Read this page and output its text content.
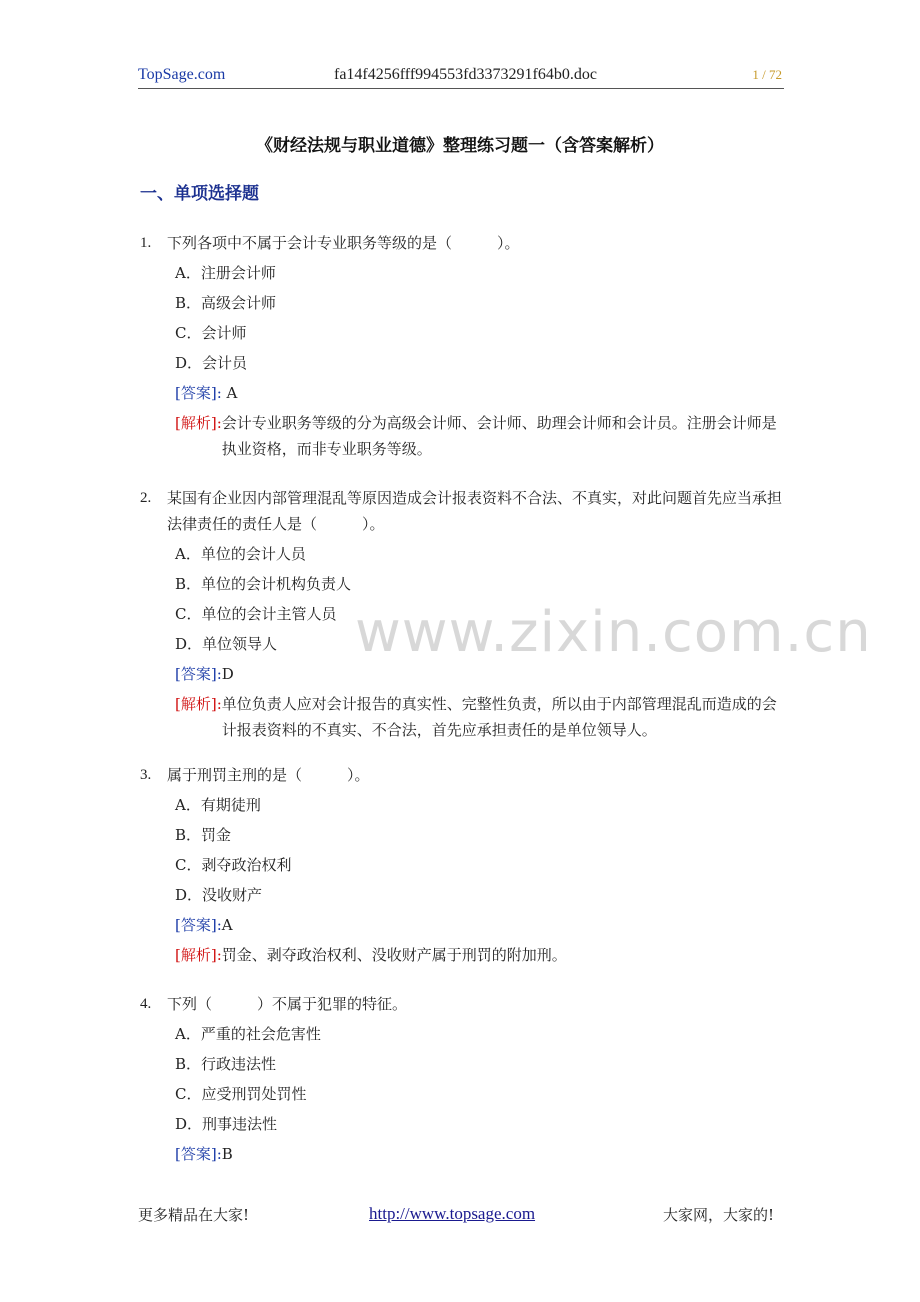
TopSage.com	fa14f4256fff994553fd3373291f64b0.doc	1 / 72
《财经法规与职业道德》整理练习题一（含答案解析）
一、单项选择题
www.zixin.com.cn
1. 下列各项中不属于会计专业职务等级的是（　　　）。
A．注册会计师
B．高级会计师
C．会计师
D．会计员
[答案]: A
[解析]: 会计专业职务等级的分为高级会计师、会计师、助理会计师和会计员。注册会计师是执业资格，而非专业职务等级。
2. 某国有企业因内部管理混乱等原因造成会计报表资料不合法、不真实，对此问题首先应当承担法律责任的责任人是（　　　）。
A．单位的会计人员
B．单位的会计机构负责人
C．单位的会计主管人员
D．单位领导人
[答案]:D
[解析]: 单位负责人应对会计报告的真实性、完整性负责，所以由于内部管理混乱而造成的会计报表资料的不真实、不合法，首先应承担责任的是单位领导人。
3. 属于刑罚主刑的是（　　　）。
A．有期徒刑
B．罚金
C．剥夺政治权利
D．没收财产
[答案]:A
[解析]: 罚金、剥夺政治权利、没收财产属于刑罚的附加刑。
4. 下列（　　　）不属于犯罪的特征。
A．严重的社会危害性
B．行政违法性
C．应受刑罚处罚性
D．刑事违法性
[答案]:B
更多精品在大家!	http://www.topsage.com	大家网，大家的!
